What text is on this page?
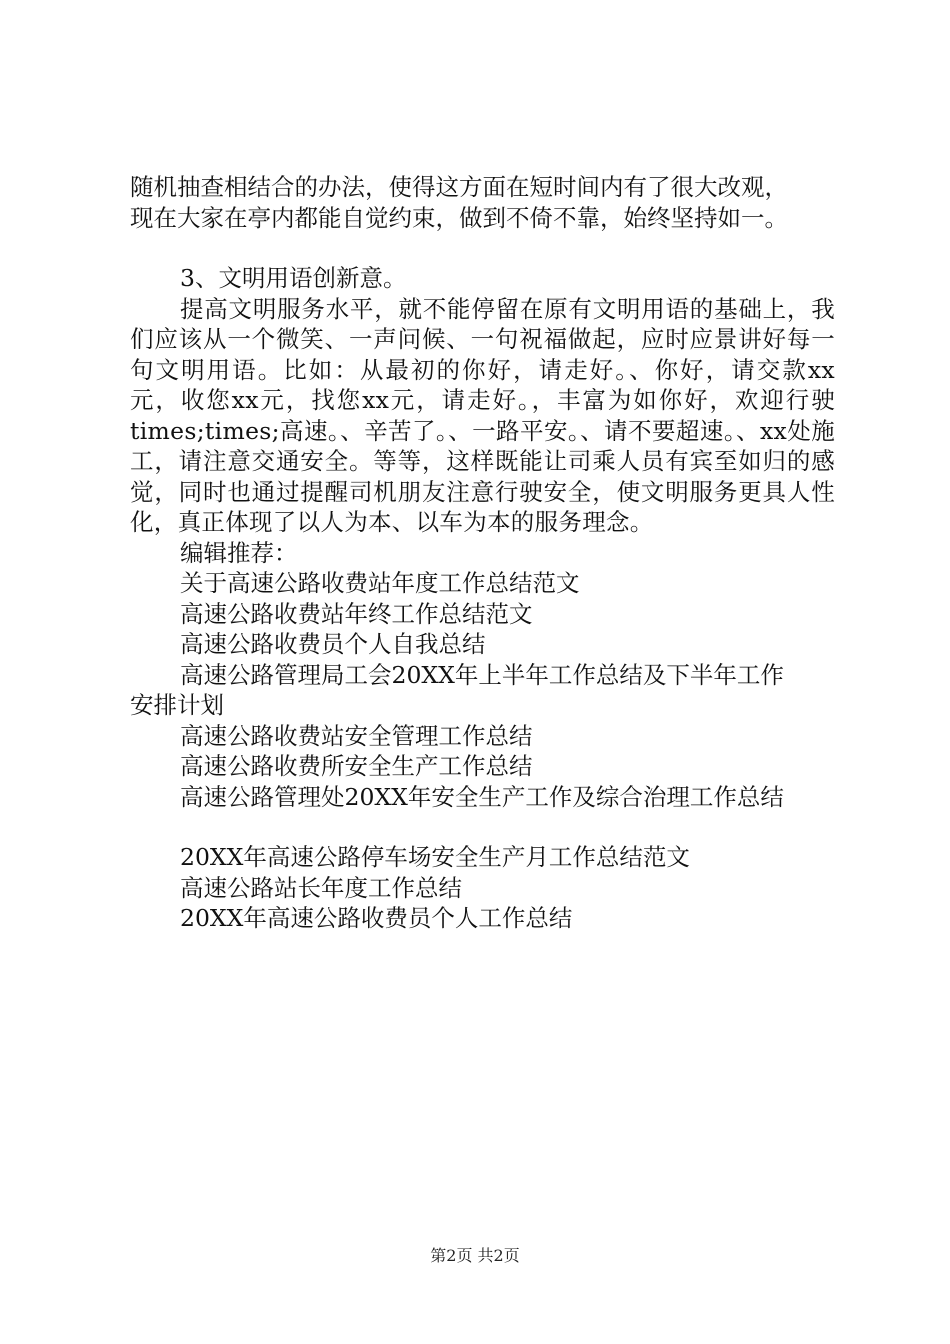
随机抽查相结合的办法，使得这方面在短时间内有了很大改观，
现在大家在亭内都能自觉约束，做到不倚不靠，始终坚持如一。
3、文明用语创新意。
提高文明服务水平，就不能停留在原有文明用语的基础上，我们应该从一个微笑、一声问候、一句祝福做起，应时应景讲好每一句文明用语。比如：从最初的你好，请走好。、你好，请交款xx元，收您xx元，找您xx元，请走好。，丰富为如你好，欢迎行驶times;times;高速。、辛苦了。、一路平安。、请不要超速。、xx处施工，请注意交通安全。等等，这样既能让司乘人员有宾至如归的感觉，同时也通过提醒司机朋友注意行驶安全，使文明服务更具人性化，真正体现了以人为本、以车为本的服务理念。
编辑推荐：
关于高速公路收费站年度工作总结范文
高速公路收费站年终工作总结范文
高速公路收费员个人自我总结
高速公路管理局工会20XX年上半年工作总结及下半年工作
安排计划
高速公路收费站安全管理工作总结
高速公路收费所安全生产工作总结
高速公路管理处20XX年安全生产工作及综合治理工作总结
20XX年高速公路停车场安全生产月工作总结范文
高速公路站长年度工作总结
20XX年高速公路收费员个人工作总结
第2页 共2页
